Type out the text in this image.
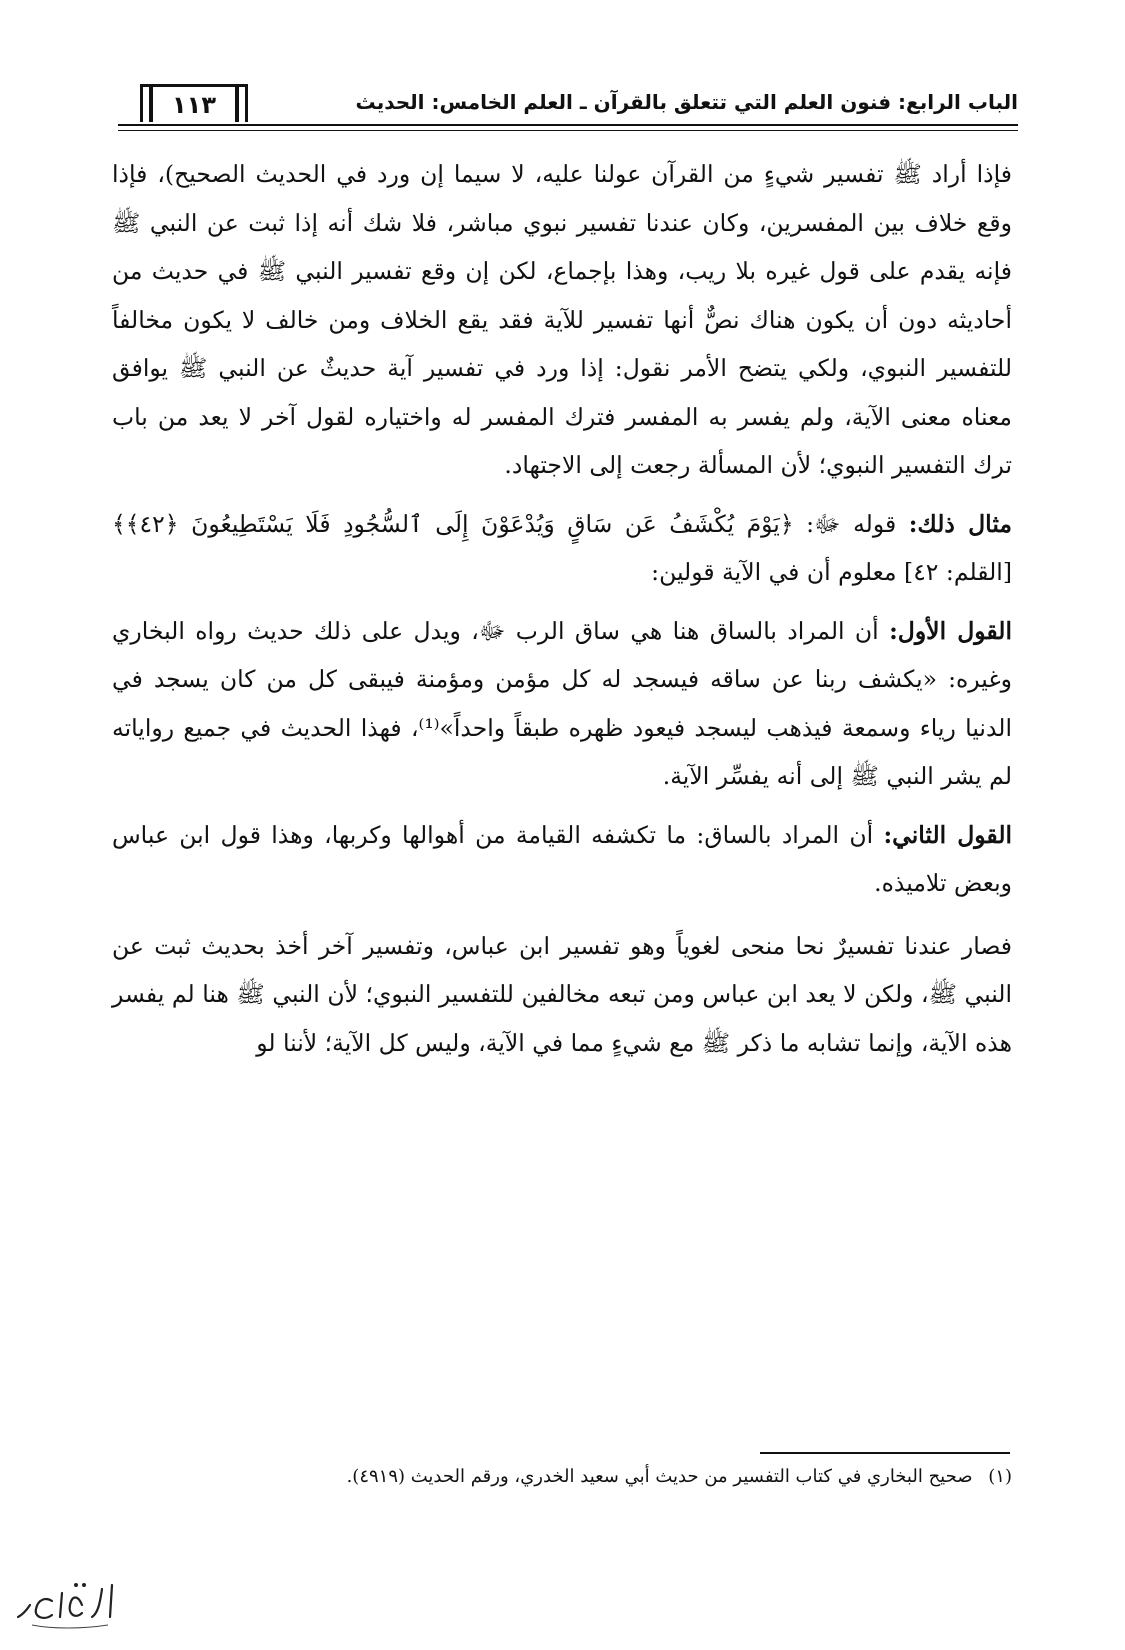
الباب الرابع: فنون العلم التي تتعلق بالقرآن ـ العلم الخامس: الحديث
١١٣

فإذا أراد ﷺ تفسير شيءٍ من القرآن عولنا عليه، لا سيما إن ورد في الحديث الصحيح)، فإذا وقع خلاف بين المفسرين، وكان عندنا تفسير نبوي مباشر، فلا شك أنه إذا ثبت عن النبي ﷺ فإنه يقدم على قول غيره بلا ريب، وهذا بإجماع، لكن إن وقع تفسير النبي ﷺ في حديث من أحاديثه دون أن يكون هناك نصٌّ أنها تفسير للآية فقد يقع الخلاف ومن خالف لا يكون مخالفاً للتفسير النبوي، ولكي يتضح الأمر نقول: إذا ورد في تفسير آية حديثٌ عن النبي ﷺ يوافق معناه معنى الآية، ولم يفسر به المفسر فترك المفسر له واختياره لقول آخر لا يعد من باب ترك التفسير النبوي؛ لأن المسألة رجعت إلى الاجتهاد.

مثال ذلك: قوله ﷻ: ﴿يَوْمَ يُكْشَفُ عَن سَاقٍ وَيُدْعَوْنَ إِلَى ٱلسُّجُودِ فَلَا يَسْتَطِيعُونَ ﴿٤٢﴾﴾ [القلم: ٤٢] معلوم أن في الآية قولين:

القول الأول: أن المراد بالساق هنا هي ساق الرب ﷻ، ويدل على ذلك حديث رواه البخاري وغيره: «يكشف ربنا عن ساقه فيسجد له كل مؤمن ومؤمنة فيبقى كل من كان يسجد في الدنيا رياء وسمعة فيذهب ليسجد فيعود ظهره طبقاً واحداً»⁽¹⁾، فهذا الحديث في جميع رواياته لم يشر النبي ﷺ إلى أنه يفسِّر الآية.

القول الثاني: أن المراد بالساق: ما تكشفه القيامة من أهوالها وكربها، وهذا قول ابن عباس وبعض تلاميذه.

فصار عندنا تفسيرٌ نحا منحى لغوياً وهو تفسير ابن عباس، وتفسير آخر أخذ بحديث ثبت عن النبي ﷺ، ولكن لا يعد ابن عباس ومن تبعه مخالفين للتفسير النبوي؛ لأن النبي ﷺ هنا لم يفسر هذه الآية، وإنما تشابه ما ذكر ﷺ مع شيءٍ مما في الآية، وليس كل الآية؛ لأننا لو

(١) صحيح البخاري في كتاب التفسير من حديث أبي سعيد الخدري، ورقم الحديث (٤٩١٩).
